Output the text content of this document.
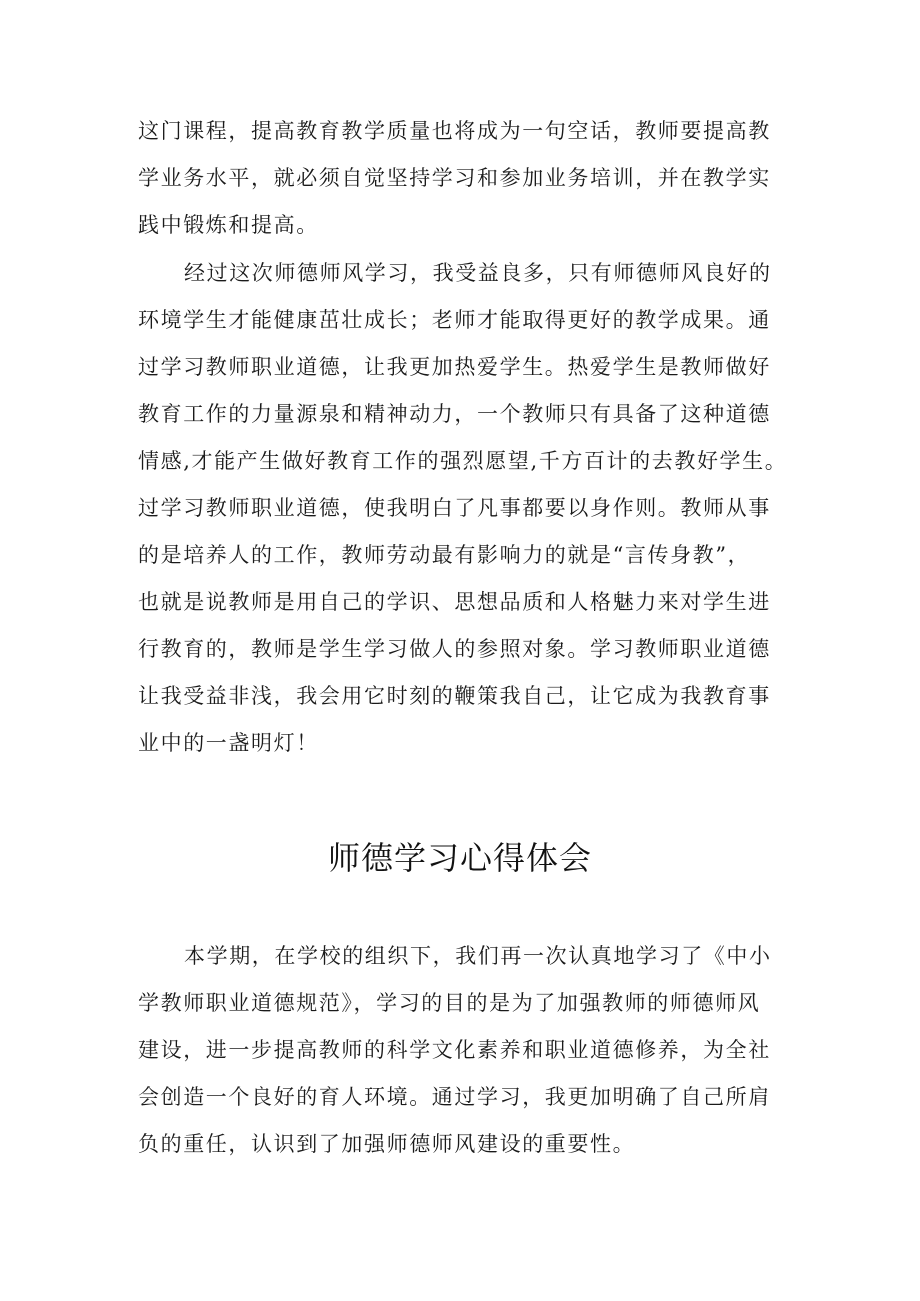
这门课程，提高教育教学质量也将成为一句空话，教师要提高教
学业务水平，就必须自觉坚持学习和参加业务培训，并在教学实
践中锻炼和提高。
经过这次师德师风学习，我受益良多，只有师德师风良好的
环境学生才能健康茁壮成长；老师才能取得更好的教学成果。通
过学习教师职业道德，让我更加热爱学生。热爱学生是教师做好
教育工作的力量源泉和精神动力，一个教师只有具备了这种道德
情感,才能产生做好教育工作的强烈愿望,千方百计的去教好学生。
过学习教师职业道德，使我明白了凡事都要以身作则。教师从事
的是培养人的工作，教师劳动最有影响力的就是“言传身教”，
也就是说教师是用自己的学识、思想品质和人格魅力来对学生进
行教育的，教师是学生学习做人的参照对象。学习教师职业道德
让我受益非浅，我会用它时刻的鞭策我自己，让它成为我教育事
业中的一盏明灯！
师德学习心得体会
本学期，在学校的组织下，我们再一次认真地学习了《中小
学教师职业道德规范》，学习的目的是为了加强教师的师德师风
建设，进一步提高教师的科学文化素养和职业道德修养，为全社
会创造一个良好的育人环境。通过学习，我更加明确了自己所肩
负的重任，认识到了加强师德师风建设的重要性。
